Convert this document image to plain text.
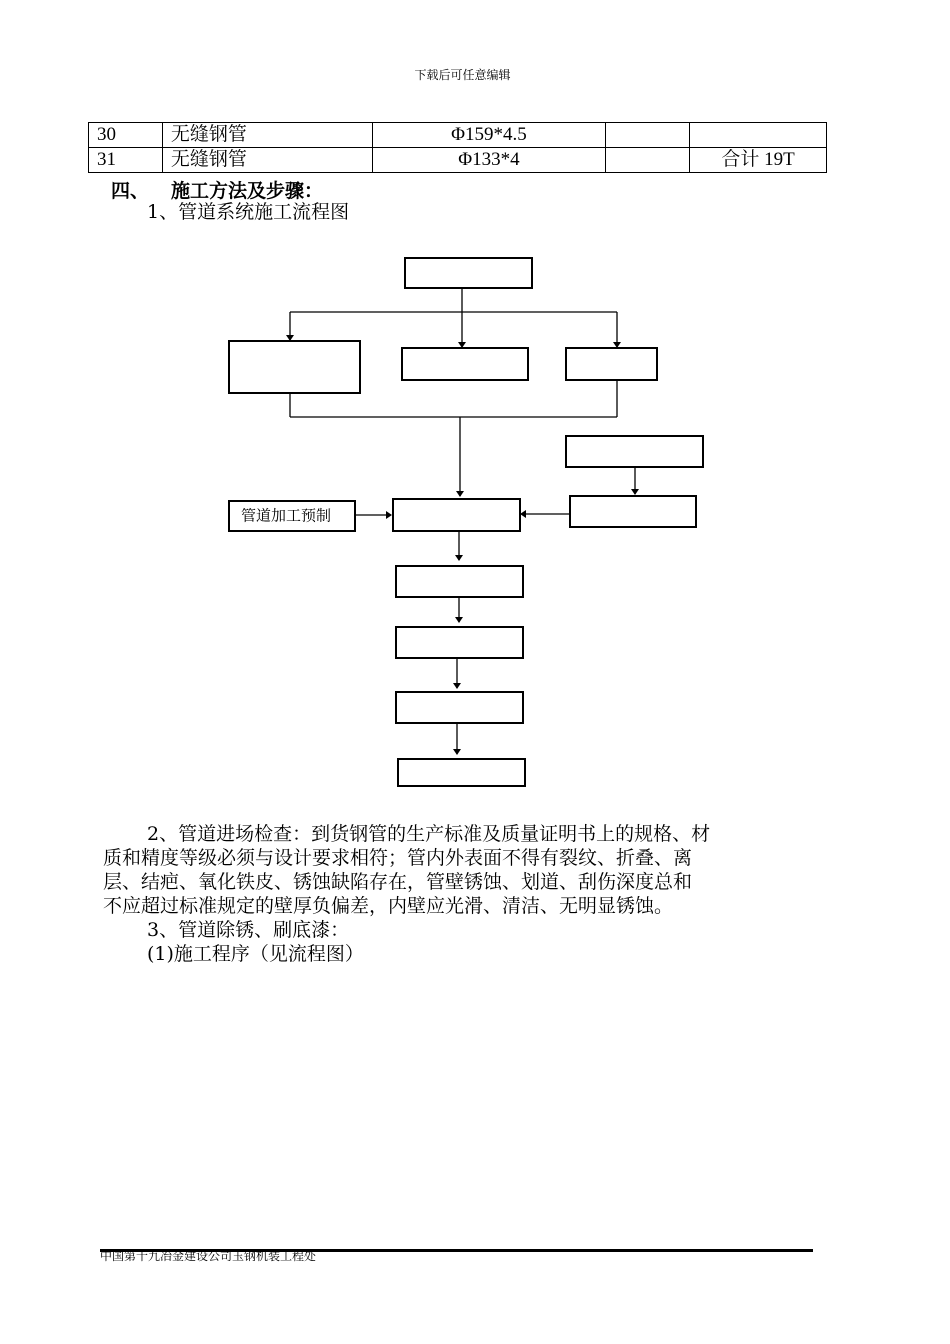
下载后可任意编辑
30	无缝钢管	Φ159*4.5		
31	无缝钢管	Φ133*4		合计 19T
四、 施工方法及步骤：
1、管道系统施工流程图
管道加工预制
2、管道进场检查：到货钢管的生产标准及质量证明书上的规格、材
质和精度等级必须与设计要求相符；管内外表面不得有裂纹、折叠、离
层、结疤、氧化铁皮、锈蚀缺陷存在，管壁锈蚀、划道、刮伤深度总和
不应超过标准规定的壁厚负偏差，内壁应光滑、清洁、无明显锈蚀。
3、管道除锈、刷底漆：
(1)施工程序（见流程图）
中国第十九冶金建设公司玉钢机装工程处
